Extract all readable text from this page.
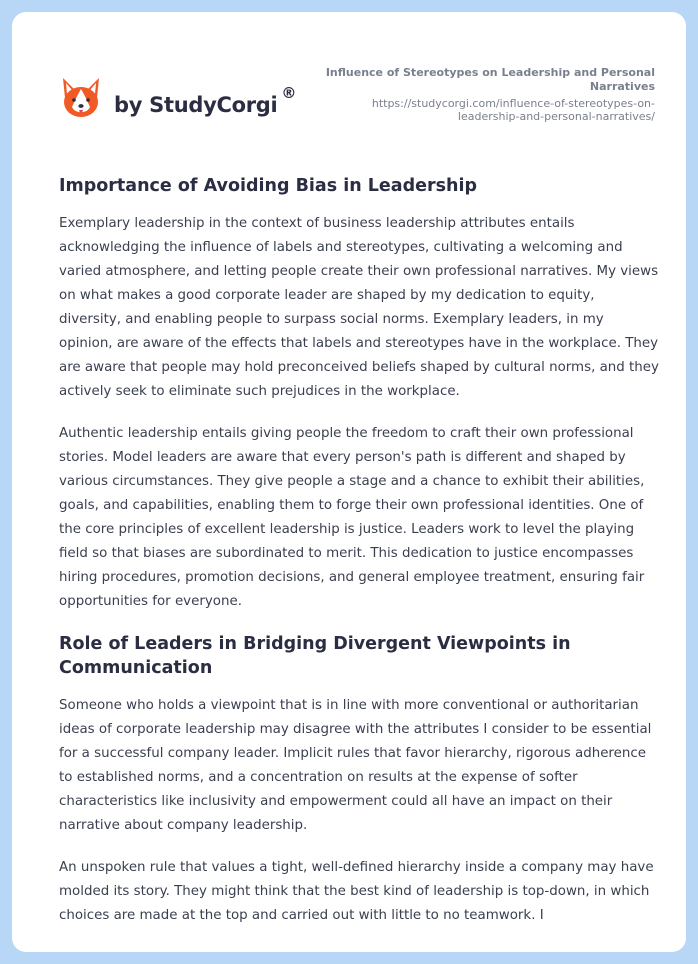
by StudyCorgi ®
Influence of Stereotypes on Leadership and Personal Narratives
https://studycorgi.com/influence-of-stereotypes-on-leadership-and-personal-narratives/
Importance of Avoiding Bias in Leadership

Exemplary leadership in the context of business leadership attributes entails acknowledging the influence of labels and stereotypes, cultivating a welcoming and varied atmosphere, and letting people create their own professional narratives. My views on what makes a good corporate leader are shaped by my dedication to equity, diversity, and enabling people to surpass social norms. Exemplary leaders, in my opinion, are aware of the effects that labels and stereotypes have in the workplace. They are aware that people may hold preconceived beliefs shaped by cultural norms, and they actively seek to eliminate such prejudices in the workplace.

Authentic leadership entails giving people the freedom to craft their own professional stories. Model leaders are aware that every person's path is different and shaped by various circumstances. They give people a stage and a chance to exhibit their abilities, goals, and capabilities, enabling them to forge their own professional identities. One of the core principles of excellent leadership is justice. Leaders work to level the playing field so that biases are subordinated to merit. This dedication to justice encompasses hiring procedures, promotion decisions, and general employee treatment, ensuring fair opportunities for everyone.

Role of Leaders in Bridging Divergent Viewpoints in Communication

Someone who holds a viewpoint that is in line with more conventional or authoritarian ideas of corporate leadership may disagree with the attributes I consider to be essential for a successful company leader. Implicit rules that favor hierarchy, rigorous adherence to established norms, and a concentration on results at the expense of softer characteristics like inclusivity and empowerment could all have an impact on their narrative about company leadership.

An unspoken rule that values a tight, well-defined hierarchy inside a company may have molded its story. They might think that the best kind of leadership is top-down, in which choices are made at the top and carried out with little to no teamwork. I
